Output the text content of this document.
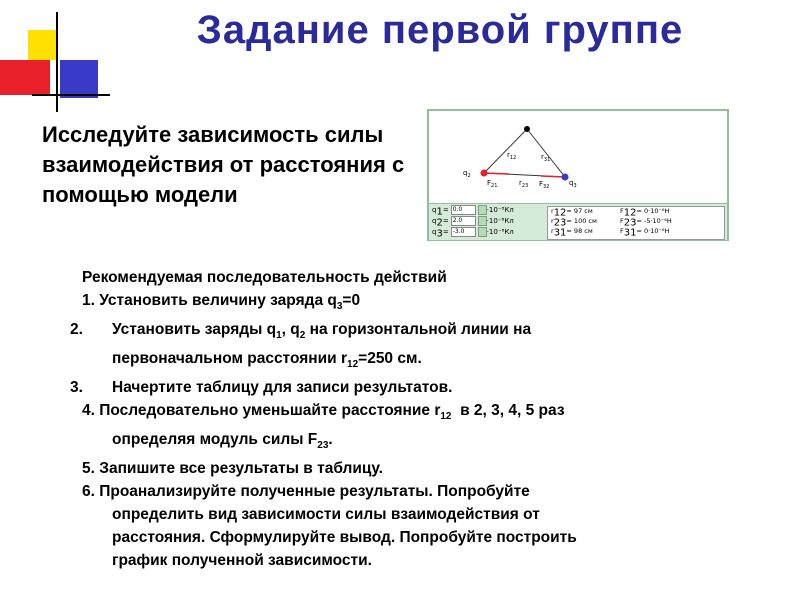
Задание первой группе
Исследуйте зависимость силы взаимодействия от расстояния с помощью модели
$q_2$
$q_3$
$r_{12}$	$r_{31}$
$r_{23}$
$F_{21}$	$F_{32}$
$q_1= 0.0$	·10⁻⁸Кл
$q_2= 2.0$	·10⁻⁸Кл
$q_3= -3.0$	·10⁻⁸Кл
$r_{12}= 97$ см
$r_{23}= 100$ см
$r_{31}= 98$ см
$F_{12}= 0\cdot 10^{-6}Н$
$F_{23}= -5\cdot 10^{-6}Н$
$F_{31}= 0\cdot 10^{-6}Н$
Рекомендуемая последовательность действий
1. Установить величину заряда $q_3=0$
2. Установить заряды $q_1$, $q_2$ на горизонтальной линии на
первоначальном расстоянии $r_{12}=250$ см.
3. Начертите таблицу для записи результатов.
4. Последовательно уменьшайте расстояние $r_{12}$  в 2, 3, 4, 5 раз
определяя модуль силы $F_{23}$.
5. Запишите все результаты в таблицу.
6. Проанализируйте полученные результаты. Попробуйте
определить вид зависимости силы взаимодействия от
расстояния. Сформулируйте вывод. Попробуйте построить
график полученной зависимости.
